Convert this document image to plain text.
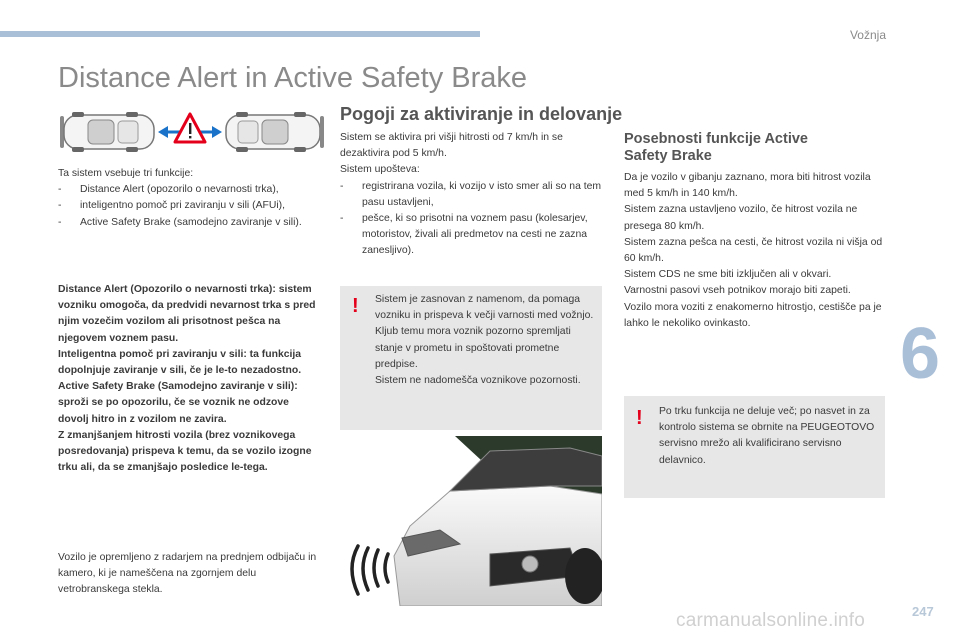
Vožnja
Distance Alert in Active Safety Brake
6

Ta sistem vsebuje tri funkcije:

- Distance Alert (opozorilo o nevarnosti trka),
- inteligentno pomoč pri zaviranju v sili (AFUi),
- Active Safety Brake (samodejno zaviranje v sili).

Distance Alert (Opozorilo o nevarnosti trka): sistem vozniku omogoča, da predvidi nevarnost trka s pred njim vozečim vozilom ali prisotnost pešca na njegovem voznem pasu.

Inteligentna pomoč pri zaviranju v sili: ta funkcija dopolnjuje zaviranje v sili, če je le-to nezadostno.

Active Safety Brake (Samodejno zaviranje v sili): sproži se po opozorilu, če se voznik ne odzove dovolj hitro in z vozilom ne zavira.

Z zmanjšanjem hitrosti vozila (brez voznikovega posredovanja) prispeva k temu, da se vozilo izogne trku ali, da se zmanjšajo posledice le-tega.

Vozilo je opremljeno z radarjem na prednjem odbijaču in kamero, ki je nameščena na zgornjem delu vetrobranskega stekla.

Pogoji za aktiviranje in delovanje

Sistem se aktivira pri višji hitrosti od 7 km/h in se dezaktivira pod 5 km/h.

Sistem upošteva:

- registrirana vozila, ki vozijo v isto smer ali so na tem pasu ustavljeni,
- pešce, ki so prisotni na voznem pasu (kolesarjev, motoristov, živali ali predmetov na cesti ne zazna zanesljivo).
!	Sistem je zasnovan z namenom, da pomaga vozniku in prispeva k večji varnosti med vožnjo.

Kljub temu mora voznik pozorno spremljati stanje v prometu in spoštovati prometne predpise.

Sistem ne nadomešča voznikove pozornosti.

Posebnosti funkcije Active Safety Brake

Da je vozilo v gibanju zaznano, mora biti hitrost vozila med 5 km/h in 140 km/h.

Sistem zazna ustavljeno vozilo, če hitrost vozila ne presega 80 km/h.

Sistem zazna pešca na cesti, če hitrost vozila ni višja od 60 km/h.

Sistem CDS ne sme biti izključen ali v okvari.

Varnostni pasovi vseh potnikov morajo biti zapeti.

Vozilo mora voziti z enakomerno hitrostjo, cestišče pa je lahko le nekoliko ovinkasto.

!	Po trku funkcija ne deluje več; po nasvet in za kontrolo sistema se obrnite na PEUGEOTOVO servisno mrežo ali kvalificirano servisno delavnico.
carmanualsonline.info	247
